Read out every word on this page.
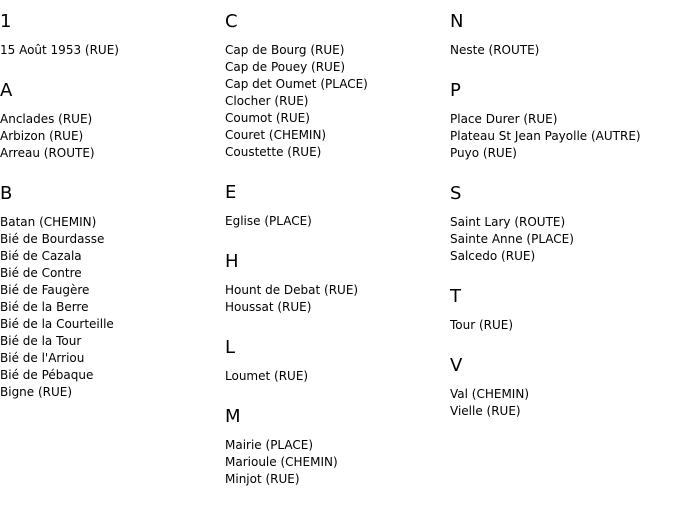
1
15 Août 1953 (RUE)
A
Anclades (RUE)
Arbizon (RUE)
Arreau (ROUTE)
B
Batan (CHEMIN)
Bié de Bourdasse
Bié de Cazala
Bié de Contre
Bié de Faugère
Bié de la Berre
Bié de la Courteille
Bié de la Tour
Bié de l'Arriou
Bié de Pébaque
Bigne (RUE)
C
Cap de Bourg (RUE)
Cap de Pouey (RUE)
Cap det Oumet (PLACE)
Clocher (RUE)
Coumot (RUE)
Couret (CHEMIN)
Coustette (RUE)
E
Eglise (PLACE)
H
Hount de Debat (RUE)
Houssat (RUE)
L
Loumet (RUE)
M
Mairie (PLACE)
Marioule (CHEMIN)
Minjot (RUE)
N
Neste (ROUTE)
P
Place Durer (RUE)
Plateau St Jean Payolle (AUTRE)
Puyo (RUE)
S
Saint Lary (ROUTE)
Sainte Anne (PLACE)
Salcedo (RUE)
T
Tour (RUE)
V
Val (CHEMIN)
Vielle (RUE)
